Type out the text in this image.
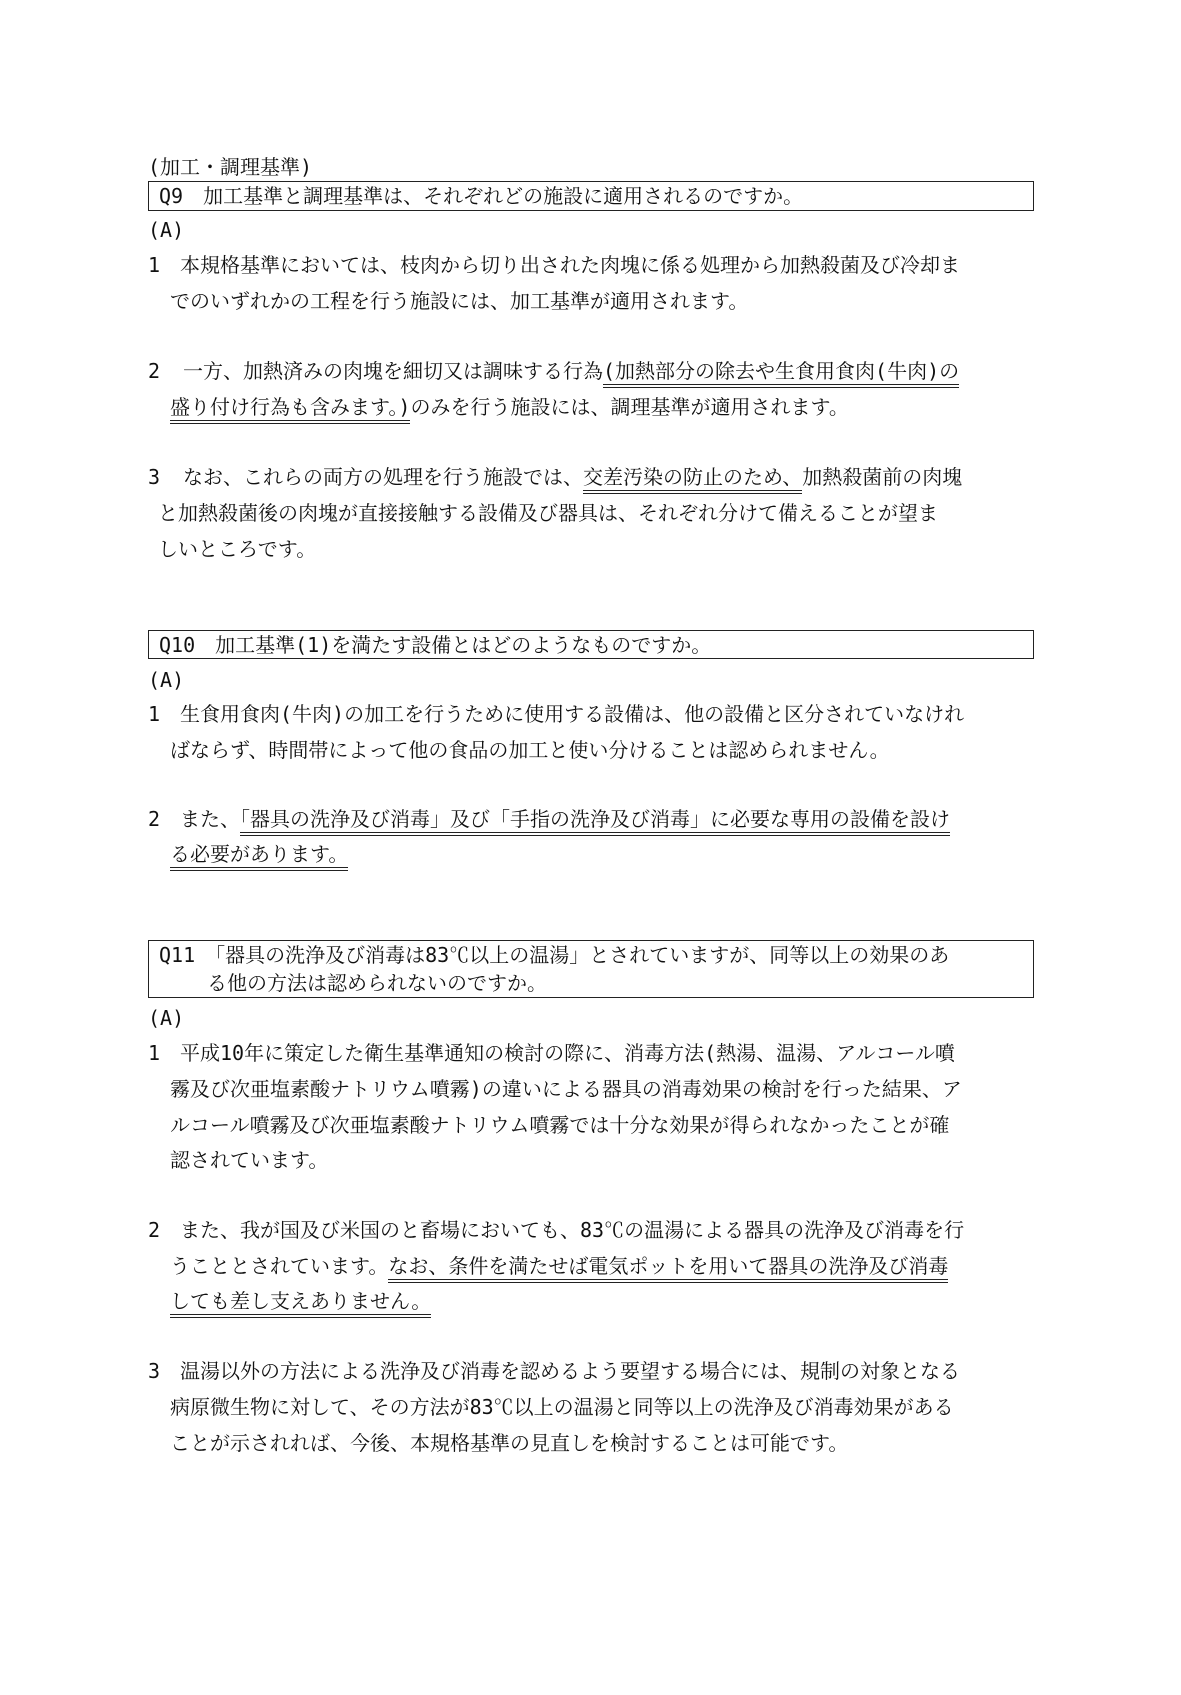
(加工・調理基準)
Q9　加工基準と調理基準は、それぞれどの施設に適用されるのですか。
(A)
1 本規格基準においては、枝肉から切り出された肉塊に係る処理から加熱殺菌及び冷却ま
でのいずれかの工程を行う施設には、加工基準が適用されます。
2 一方、加熱済みの肉塊を細切又は調味する行為(加熱部分の除去や生食用食肉(牛肉)の
盛り付け行為も含みます。)のみを行う施設には、調理基準が適用されます。
3 なお、これらの両方の処理を行う施設では、交差汚染の防止のため、加熱殺菌前の肉塊
と加熱殺菌後の肉塊が直接接触する設備及び器具は、それぞれ分けて備えることが望ま
しいところです。
Q10　加工基準(1)を満たす設備とはどのようなものですか。
(A)
1 生食用食肉(牛肉)の加工を行うために使用する設備は、他の設備と区分されていなけれ
ばならず、時間帯によって他の食品の加工と使い分けることは認められません。
2 また、「器具の洗浄及び消毒」及び「手指の洗浄及び消毒」に必要な専用の設備を設け
る必要があります。
Q11　「器具の洗浄及び消毒は83℃以上の温湯」とされていますが、同等以上の効果のあ
る他の方法は認められないのですか。
(A)
1 平成10年に策定した衛生基準通知の検討の際に、消毒方法(熱湯、温湯、アルコール噴
霧及び次亜塩素酸ナトリウム噴霧)の違いによる器具の消毒効果の検討を行った結果、ア
ルコール噴霧及び次亜塩素酸ナトリウム噴霧では十分な効果が得られなかったことが確
認されています。
2 また、我が国及び米国のと畜場においても、83℃の温湯による器具の洗浄及び消毒を行
うこととされています。なお、条件を満たせば電気ポットを用いて器具の洗浄及び消毒
しても差し支えありません。
3 温湯以外の方法による洗浄及び消毒を認めるよう要望する場合には、規制の対象となる
病原微生物に対して、その方法が83℃以上の温湯と同等以上の洗浄及び消毒効果がある
ことが示されれば、今後、本規格基準の見直しを検討することは可能です。
